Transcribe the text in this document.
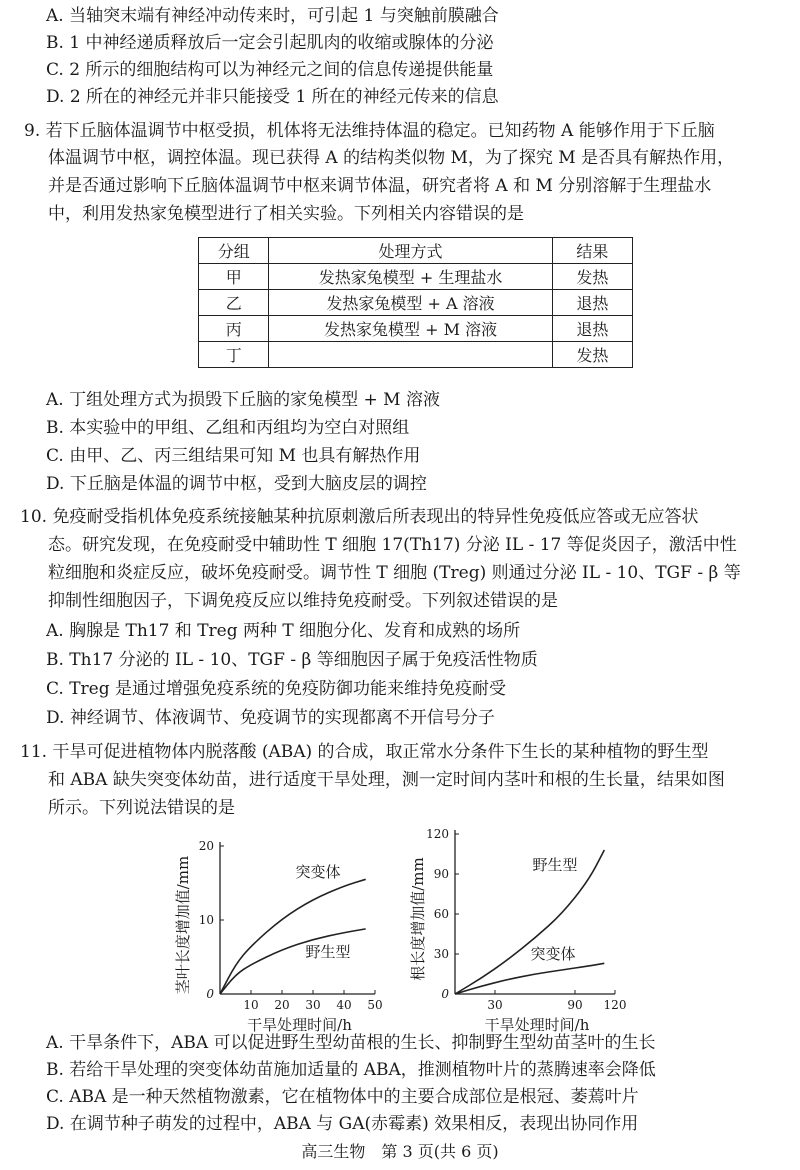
A. 当轴突末端有神经冲动传来时，可引起 1 与突触前膜融合
B. 1 中神经递质释放后一定会引起肌肉的收缩或腺体的分泌
C. 2 所示的细胞结构可以为神经元之间的信息传递提供能量
D. 2 所在的神经元并非只能接受 1 所在的神经元传来的信息
9. 若下丘脑体温调节中枢受损，机体将无法维持体温的稳定。已知药物 A 能够作用于下丘脑
体温调节中枢，调控体温。现已获得 A 的结构类似物 M，为了探究 M 是否具有解热作用，
并是否通过影响下丘脑体温调节中枢来调节体温，研究者将 A 和 M 分别溶解于生理盐水
中，利用发热家兔模型进行了相关实验。下列相关内容错误的是
分组	处理方式	结果
甲	发热家兔模型 + 生理盐水	发热
乙	发热家兔模型 + A 溶液	退热
丙	发热家兔模型 + M 溶液	退热
丁		发热
A. 丁组处理方式为损毁下丘脑的家兔模型 + M 溶液
B. 本实验中的甲组、乙组和丙组均为空白对照组
C. 由甲、乙、丙三组结果可知 M 也具有解热作用
D. 下丘脑是体温的调节中枢，受到大脑皮层的调控
10. 免疫耐受指机体免疫系统接触某种抗原刺激后所表现出的特异性免疫低应答或无应答状
态。研究发现，在免疫耐受中辅助性 T 细胞 17(Th17) 分泌 IL - 17 等促炎因子，激活中性
粒细胞和炎症反应，破坏免疫耐受。调节性 T 细胞 (Treg) 则通过分泌 IL - 10、TGF - β 等
抑制性细胞因子，下调免疫反应以维持免疫耐受。下列叙述错误的是
A. 胸腺是 Th17 和 Treg 两种 T 细胞分化、发育和成熟的场所
B. Th17 分泌的 IL - 10、TGF - β 等细胞因子属于免疫活性物质
C. Treg 是通过增强免疫系统的免疫防御功能来维持免疫耐受
D. 神经调节、体液调节、免疫调节的实现都离不开信号分子
11. 干旱可促进植物体内脱落酸 (ABA) 的合成，取正常水分条件下生长的某种植物的野生型
和 ABA 缺失突变体幼苗，进行适度干旱处理，测一定时间内茎叶和根的生长量，结果如图
所示。下列说法错误的是
10 20 30 40 50
0
10
20
突变体
野生型
干旱处理时间/h
茎叶长度增加值/mm
30	90 120
0
30
60
90
120
野生型
突变体
干旱处理时间/h
根长度增加值/mm
A. 干旱条件下，ABA 可以促进野生型幼苗根的生长、抑制野生型幼苗茎叶的生长
B. 若给干旱处理的突变体幼苗施加适量的 ABA，推测植物叶片的蒸腾速率会降低
C. ABA 是一种天然植物激素，它在植物体中的主要合成部位是根冠、萎蔫叶片
D. 在调节种子萌发的过程中，ABA 与 GA(赤霉素) 效果相反，表现出协同作用
高三生物　第 3 页(共 6 页)
